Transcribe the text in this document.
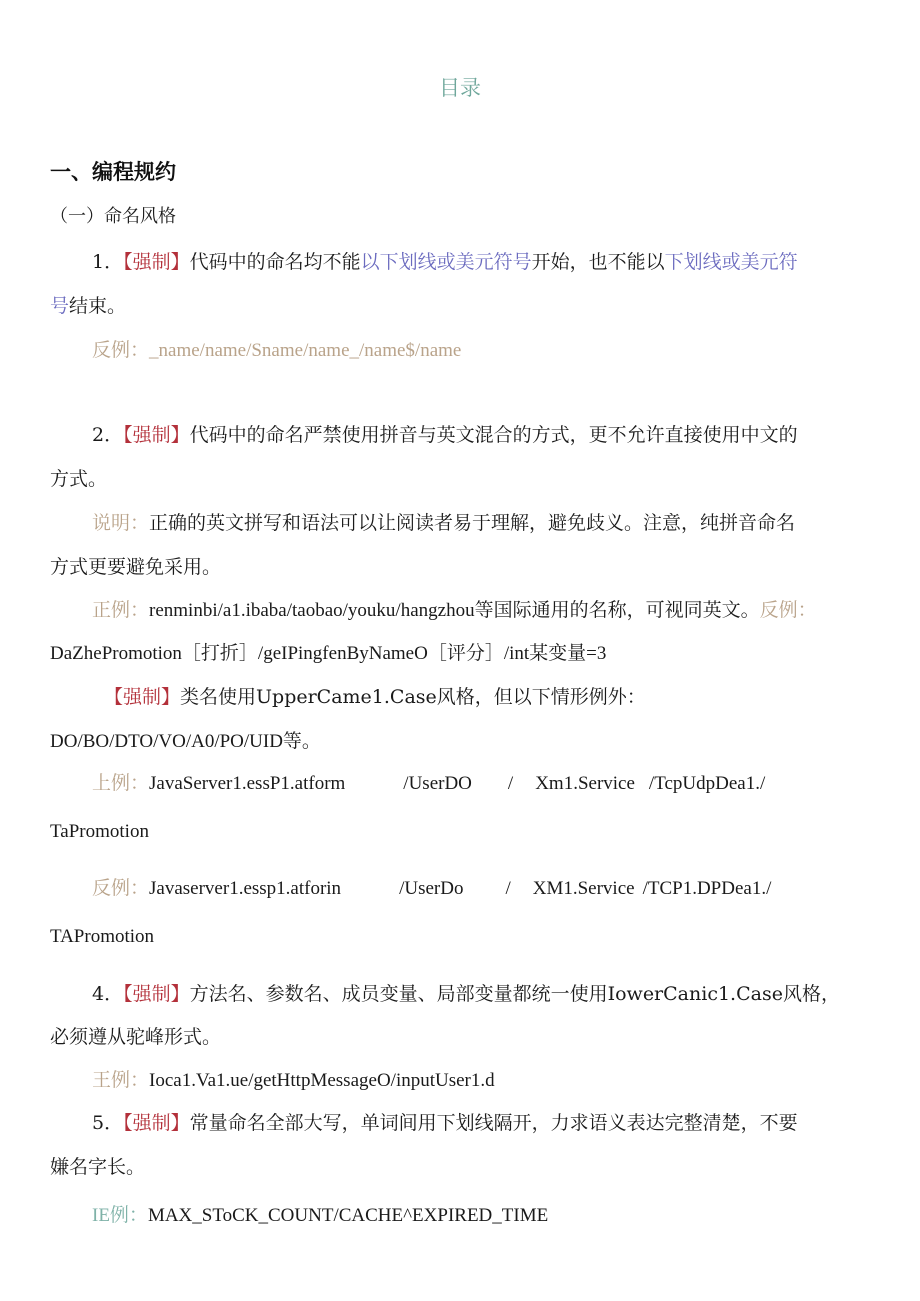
目录
一、编程规约
（一）命名风格
1．【强制】代码中的命名均不能以下划线或美元符号开始，也不能以下划线或美元符
号结束。
反例：_name/name/Sname/name_/name$/name
2．【强制】代码中的命名严禁使用拼音与英文混合的方式，更不允许直接使用中文的
方式。
说明：正确的英文拼写和语法可以让阅读者易于理解，避免歧义。注意，纯拼音命名
方式更要避免采用。
正例：renminbi/a1.ibaba/taobao/youku/hangzhou等国际通用的名称，可视同英文。反例：
DaZhePromotion［打折］/geIPingfenByNameO［评分］/int某变量=3
【强制】类名使用UpperCame1.Case风格，但以下情形例外：
DO/BO/DTO/VO/A0/PO/UID等。
上例：JavaServer1.essP1.atform	/UserDO / Xm1.Service /TcpUdpDea1./
TaPromotion
反例：Javaserver1.essp1.atforin	/UserDo / XM1.Service /TCP1.DPDea1./
TAPromotion
4．【强制】方法名、参数名、成员变量、局部变量都统一使用IowerCanic1.Case风格，
必须遵从驼峰形式。
王例：Ioca1.Va1.ue/getHttpMessageO/inputUser1.d
5．【强制】常量命名全部大写，单词间用下划线隔开，力求语义表达完整清楚，不要
嫌名字长。
IE例：MAX_SToCK_COUNT/CACHE^EXPIRED_TIME
